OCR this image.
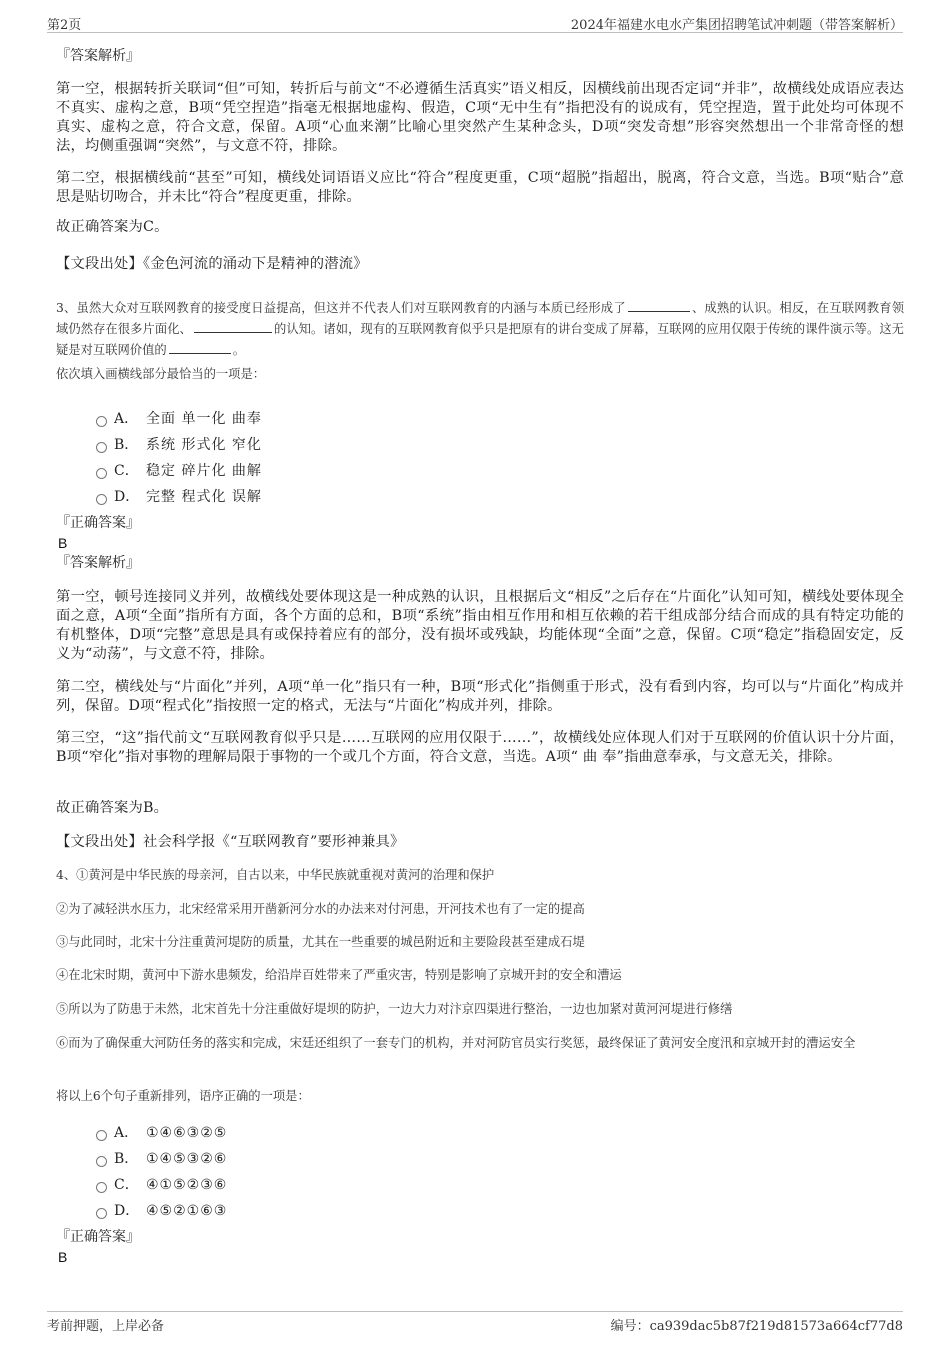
第2页	2024年福建水电水产集团招聘笔试冲刺题（带答案解析）
『答案解析』

第一空，根据转折关联词“但”可知，转折后与前文“不必遵循生活真实”语义相反，因横线前出现否定词“并非”，故横线处成语应表达不真实、虚构之意，B项“凭空捏造”指毫无根据地虚构、假造，C项“无中生有”指把没有的说成有，凭空捏造，置于此处均可体现不真实、虚构之意，符合文意，保留。A项“心血来潮”比喻心里突然产生某种念头，D项“突发奇想”形容突然想出一个非常奇怪的想法，均侧重强调“突然”，与文意不符，排除。

第二空，根据横线前“甚至”可知，横线处词语语义应比“符合”程度更重，C项“超脱”指超出，脱离，符合文意，当选。B项“贴合”意思是贴切吻合，并未比“符合”程度更重，排除。

故正确答案为C。

【文段出处】《金色河流的涌动下是精神的潜流》

3、虽然大众对互联网教育的接受度日益提高，但这并不代表人们对互联网教育的内涵与本质已经形成了	、成熟的认识。相反，在互联网教育领域仍然存在很多片面化、	的认知。诸如，现有的互联网教育似乎只是把原有的讲台变成了屏幕，互联网的应用仅限于传统的课件演示等。这无疑是对互联网价值的	。
依次填入画横线部分最恰当的一项是：
A． 全面 单一化 曲奉
B． 系统 形式化 窄化
C． 稳定 碎片化 曲解
D． 完整 程式化 误解
『正确答案』
B
『答案解析』

第一空，顿号连接同义并列，故横线处要体现这是一种成熟的认识，且根据后文“相反”之后存在“片面化”认知可知，横线处要体现全面之意，A项“全面”指所有方面，各个方面的总和，B项“系统”指由相互作用和相互依赖的若干组成部分结合而成的具有特定功能的有机整体，D项“完整”意思是具有或保持着应有的部分，没有损坏或残缺，均能体现“全面”之意，保留。C项“稳定”指稳固安定，反义为“动荡”，与文意不符，排除。

第二空，横线处与“片面化”并列，A项“单一化”指只有一种，B项“形式化”指侧重于形式，没有看到内容，均可以与“片面化”构成并列，保留。D项“程式化”指按照一定的格式，无法与“片面化”构成并列，排除。

第三空，“这”指代前文“互联网教育似乎只是……互联网的应用仅限于……”，故横线处应体现人们对于互联网的价值认识十分片面，B项“窄化”指对事物的理解局限于事物的一个或几个方面，符合文意，当选。A项“ 曲 奉”指曲意奉承，与文意无关，排除。

故正确答案为B。

【文段出处】社会科学报《“互联网教育”要形神兼具》

4、①黄河是中华民族的母亲河，自古以来，中华民族就重视对黄河的治理和保护
②为了减轻洪水压力，北宋经常采用开凿新河分水的办法来对付河患，开河技术也有了一定的提高
③与此同时，北宋十分注重黄河堤防的质量，尤其在一些重要的城邑附近和主要险段甚至建成石堤
④在北宋时期，黄河中下游水患频发，给沿岸百姓带来了严重灾害，特别是影响了京城开封的安全和漕运
⑤所以为了防患于未然，北宋首先十分注重做好堤坝的防护，一边大力对汴京四渠进行整治，一边也加紧对黄河河堤进行修缮
⑥而为了确保重大河防任务的落实和完成，宋廷还组织了一套专门的机构，并对河防官员实行奖惩，最终保证了黄河安全度汛和京城开封的漕运安全
将以上6个句子重新排列，语序正确的一项是：
A． ①④⑥③②⑤
B． ①④⑤③②⑥
C． ④①⑤②③⑥
D． ④⑤②①⑥③
『正确答案』
B
考前押题，上岸必备	编号：ca939dac5b87f219d81573a664cf77d8
